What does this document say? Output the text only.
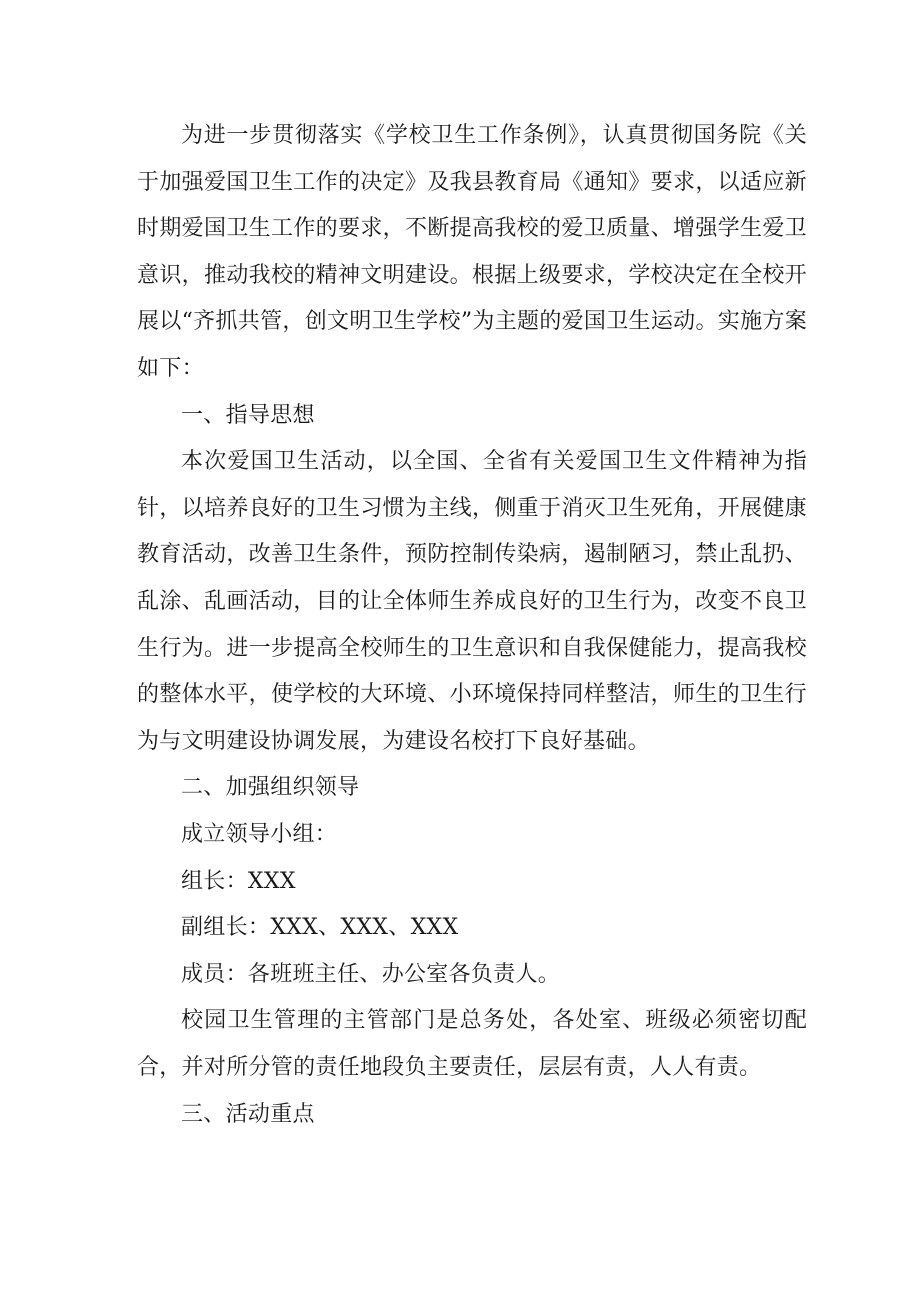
为进一步贯彻落实《学校卫生工作条例》，认真贯彻国务院《关于加强爱国卫生工作的决定》及我县教育局《通知》要求，以适应新时期爱国卫生工作的要求，不断提高我校的爱卫质量、增强学生爱卫意识，推动我校的精神文明建设。根据上级要求，学校决定在全校开展以“齐抓共管，创文明卫生学校”为主题的爱国卫生运动。实施方案如下：

一、指导思想

本次爱国卫生活动，以全国、全省有关爱国卫生文件精神为指针，以培养良好的卫生习惯为主线，侧重于消灭卫生死角，开展健康教育活动，改善卫生条件，预防控制传染病，遏制陋习，禁止乱扔、乱涂、乱画活动，目的让全体师生养成良好的卫生行为，改变不良卫生行为。进一步提高全校师生的卫生意识和自我保健能力，提高我校的整体水平，使学校的大环境、小环境保持同样整洁，师生的卫生行为与文明建设协调发展，为建设名校打下良好基础。

二、加强组织领导

成立领导小组：

组长：XXX

副组长：XXX、XXX、XXX

成员：各班班主任、办公室各负责人。

校园卫生管理的主管部门是总务处，各处室、班级必须密切配合，并对所分管的责任地段负主要责任，层层有责，人人有责。

三、活动重点
